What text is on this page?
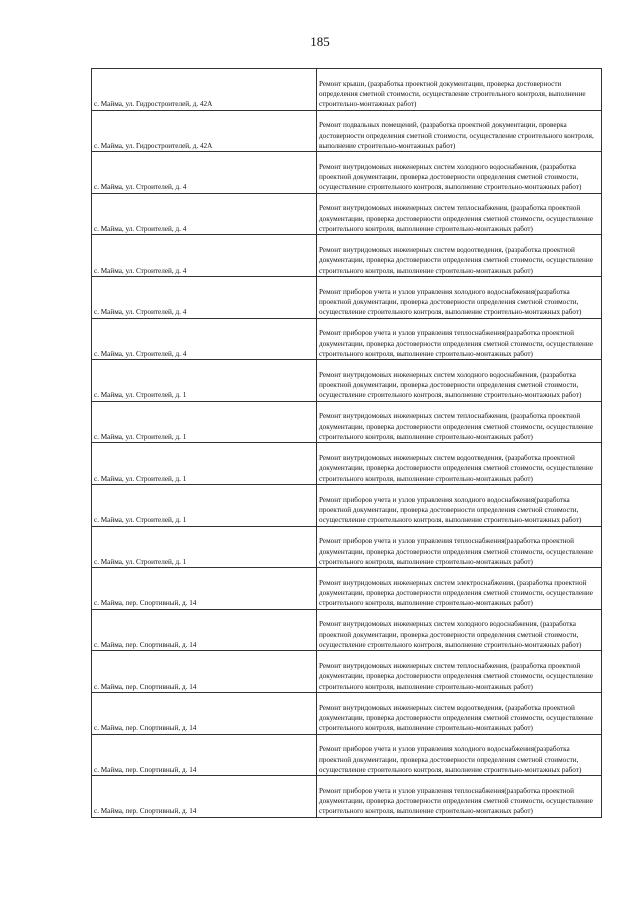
185
с. Майма, ул. Гидростроителей, д. 42А	Ремонт крыши, (разработка проектной документации, проверка достоверности определения сметной стоимости, осуществление строительного контроля, выполнение строительно-монтажных работ)
с. Майма, ул. Гидростроителей, д. 42А	Ремонт подвальных помещений, (разработка проектной документации, проверка достоверности определения сметной стоимости, осуществление строительного контроля, выполнение строительно-монтажных работ)
с. Майма, ул. Строителей, д. 4	Ремонт внутридомовых инженерных систем холодного водоснабжения, (разработка проектной документации, проверка достоверности определения сметной стоимости, осуществление строительного контроля, выполнение строительно-монтажных работ)
с. Майма, ул. Строителей, д. 4	Ремонт внутридомовых инженерных систем теплоснабжения, (разработка проектной документации, проверка достоверности определения сметной стоимости, осуществление строительного контроля, выполнение строительно-монтажных работ)
с. Майма, ул. Строителей, д. 4	Ремонт внутридомовых инженерных систем водоотведения, (разработка проектной документации, проверка достоверности определения сметной стоимости, осуществление строительного контроля, выполнение строительно-монтажных работ)
с. Майма, ул. Строителей, д. 4	Ремонт приборов учета и узлов управления холодного водоснабжения(разработка проектной документации, проверка достоверности определения сметной стоимости, осуществление строительного контроля, выполнение строительно-монтажных работ)
с. Майма, ул. Строителей, д. 4	Ремонт приборов учета и узлов управления теплоснабжения(разработка проектной документации, проверка достоверности определения сметной стоимости, осуществление строительного контроля, выполнение строительно-монтажных работ)
с. Майма, ул. Строителей, д. 1	Ремонт внутридомовых инженерных систем холодного водоснабжения, (разработка проектной документации, проверка достоверности определения сметной стоимости, осуществление строительного контроля, выполнение строительно-монтажных работ)
с. Майма, ул. Строителей, д. 1	Ремонт внутридомовых инженерных систем теплоснабжения, (разработка проектной документации, проверка достоверности определения сметной стоимости, осуществление строительного контроля, выполнение строительно-монтажных работ)
с. Майма, ул. Строителей, д. 1	Ремонт внутридомовых инженерных систем водоотведения, (разработка проектной документации, проверка достоверности определения сметной стоимости, осуществление строительного контроля, выполнение строительно-монтажных работ)
с. Майма, ул. Строителей, д. 1	Ремонт приборов учета и узлов управления холодного водоснабжения(разработка проектной документации, проверка достоверности определения сметной стоимости, осуществление строительного контроля, выполнение строительно-монтажных работ)
с. Майма, ул. Строителей, д. 1	Ремонт приборов учета и узлов управления теплоснабжения(разработка проектной документации, проверка достоверности определения сметной стоимости, осуществление строительного контроля, выполнение строительно-монтажных работ)
с. Майма, пер. Спортивный, д. 14	Ремонт внутридомовых инженерных систем электроснабжения, (разработка проектной документации, проверка достоверности определения сметной стоимости, осуществление строительного контроля, выполнение строительно-монтажных работ)
с. Майма, пер. Спортивный, д. 14	Ремонт внутридомовых инженерных систем холодного водоснабжения, (разработка проектной документации, проверка достоверности определения сметной стоимости, осуществление строительного контроля, выполнение строительно-монтажных работ)
с. Майма, пер. Спортивный, д. 14	Ремонт внутридомовых инженерных систем теплоснабжения, (разработка проектной документации, проверка достоверности определения сметной стоимости, осуществление строительного контроля, выполнение строительно-монтажных работ)
с. Майма, пер. Спортивный, д. 14	Ремонт внутридомовых инженерных систем водоотведения, (разработка проектной документации, проверка достоверности определения сметной стоимости, осуществление строительного контроля, выполнение строительно-монтажных работ)
с. Майма, пер. Спортивный, д. 14	Ремонт приборов учета и узлов управления холодного водоснабжения(разработка проектной документации, проверка достоверности определения сметной стоимости, осуществление строительного контроля, выполнение строительно-монтажных работ)
с. Майма, пер. Спортивный, д. 14	Ремонт приборов учета и узлов управления теплоснабжения(разработка проектной документации, проверка достоверности определения сметной стоимости, осуществление строительного контроля, выполнение строительно-монтажных работ)
